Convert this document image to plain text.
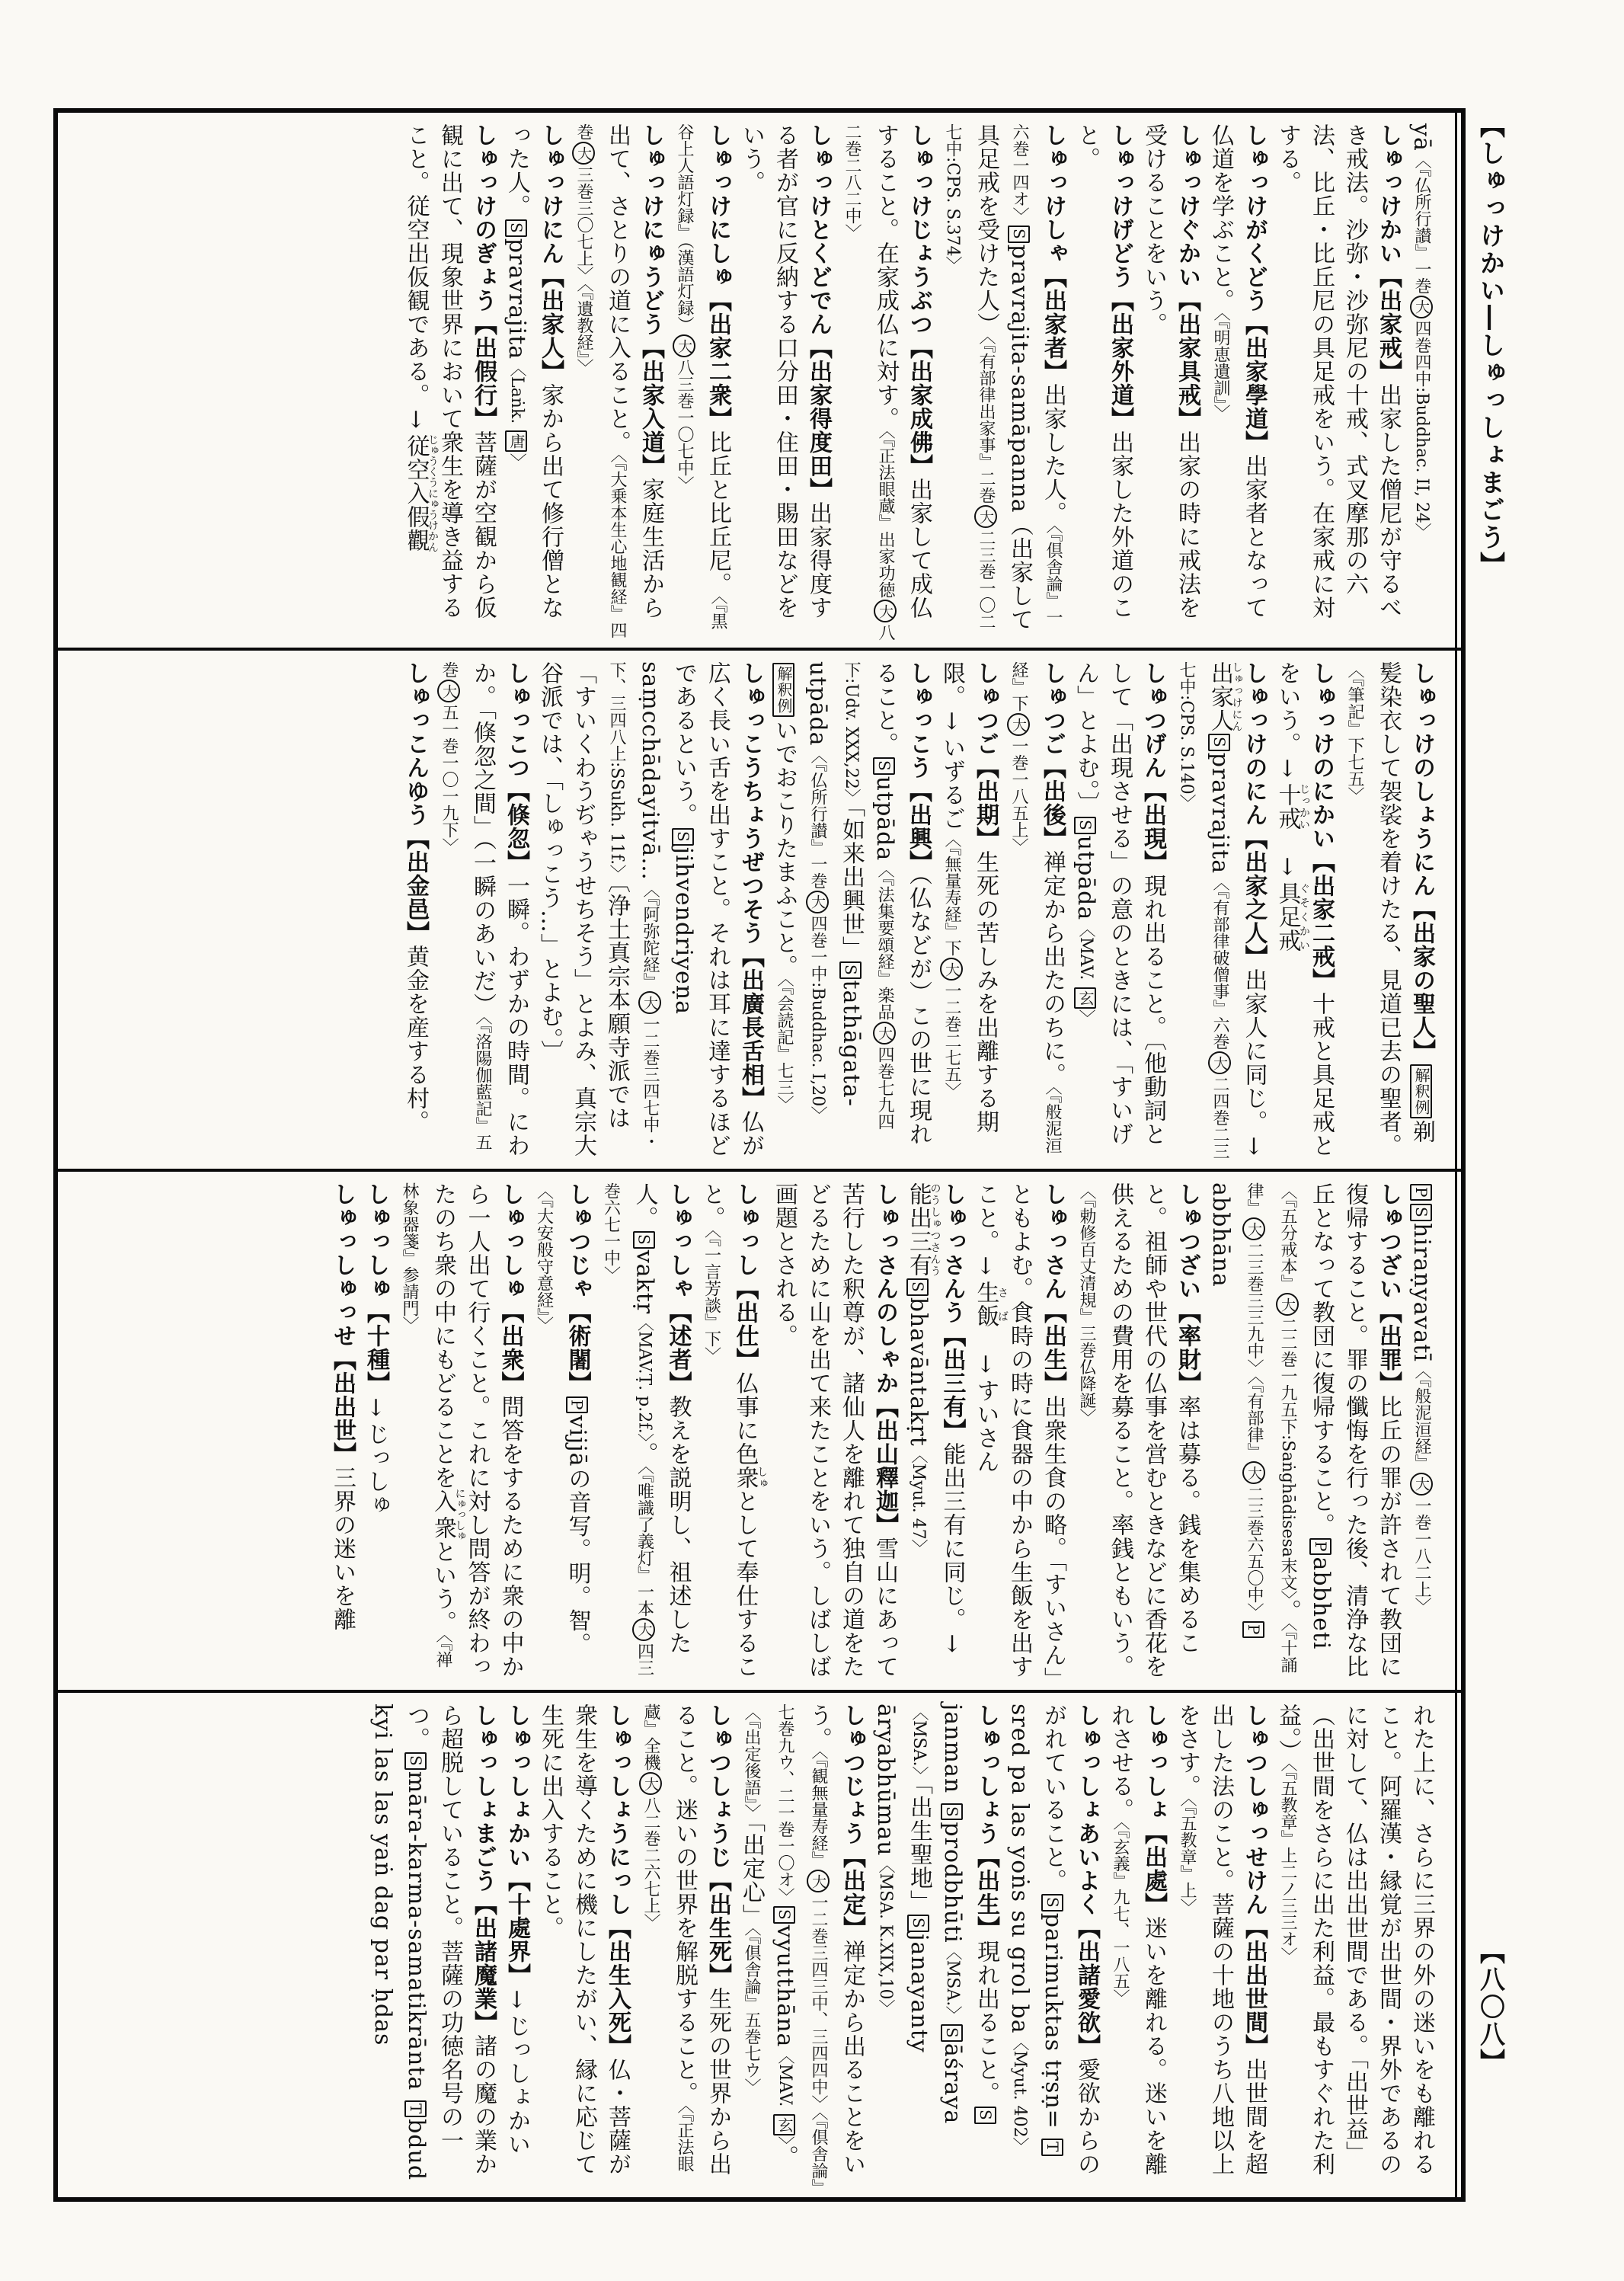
【しゅっけかい―しゅっしょまごう】
yā〈『仏所行讃』一巻大四巻四中:Buddhac. II, 24〉
しゅっけかい【出家戒】出家した僧尼が守るべき戒法。沙弥・沙弥尼の十戒、式叉摩那の六法、比丘・比丘尼の具足戒をいう。在家戒に対する。
しゅっけがくどう【出家學道】出家者となって仏道を学ぶこと。〈『明恵遺訓』〉
しゅっけぐかい【出家具戒】出家の時に戒法を受けることをいう。
しゅっけげどう【出家外道】出家した外道のこと。
しゅっけしゃ【出家者】出家した人。〈『倶舎論』一六巻一四オ〉Spravrajita-samāpanna（出家して具足戒を受けた人）〈『有部律出家事』二巻大二三巻一〇二七中:CPS. S.374〉
しゅっけじょうぶつ【出家成佛】出家して成仏すること。在家成仏に対す。〈『正法眼蔵』出家功徳大八二巻二八二中〉
しゅっけとくどでん【出家得度田】出家得度する者が官に反納する口分田・住田・賜田などをいう。
しゅっけにしゅ【出家二衆】比丘と比丘尼。〈『黒谷上人語灯録』（漢語灯録）大八三巻一〇七中〉
しゅっけにゅうどう【出家入道】家庭生活から出て、さとりの道に入ること。〈『大乗本生心地観経』四巻大三巻三〇七上〉〈『遺教経』〉
しゅっけにん【出家人】家から出て修行僧となった人。Spravrajita〈Laṅk. 唐〉
しゅっけのぎょう【出假行】菩薩が空観から仮観に出て、現象世界において衆生を導き益すること。従空出仮観である。↓従空入假觀じゅうくうにゅうけかん
しゅっけのしょうにん【出家の聖人】解釈例剃髪染衣して袈裟を着けたる、見道已去の聖者。〈『筆記』下七五〉
しゅっけのにかい【出家二戒】十戒と具足戒とをいう。↓十戒じっかい　↓具足戒ぐそくかい
しゅっけのにん【出家之人】出家人に同じ。↓出家人しゅっけにんSpravrajita〈『有部律破僧事』六巻大二四巻二三七中:CPS. S.140〉
しゅつげん【出現】現れ出ること。〔他動詞として「出現させる」の意のときには、「すいげん」とよむ。〕Sutpāda〈MAV. 玄〉
しゅつご【出後】禅定から出たのちに。〈『般泥洹経』下大一巻一八五上〉
しゅつご【出期】生死の苦しみを出離する期限。↓いずるご〈『無量寿経』下大一二巻二七五〉
しゅっこう【出興】（仏などが）この世に現れること。Sutpāda〈『法集要頌経』楽品大四巻七九四下:Udv. XXX,22〉「如来出興世」Stathāgata-utpāda〈『仏所行讃』一巻大四巻一中:Buddhac. I,20〉解釈例いでおこりたまふこと。〈『会読記』七三〉
しゅっこうちょうぜつそう【出廣長舌相】仏が広く長い舌を出すこと。それは耳に達するほどであるという。Sjihvendriyeṇa saṃcchādayitvā…〈『阿弥陀経』大一二巻三四七中・下、三四八上:SSukh. 11f.〉〔浄土真宗本願寺派では「すいくわうぢゃうせちそう」とよみ、真宗大谷派では、「しゅっこう…」とよむ。〕
しゅっこつ【倏忽】一瞬。わずかの時間。にわか。「倏忽之間」（一瞬のあいだ）〈『洛陽伽藍記』五巻大五一巻一〇一九下〉
しゅっこんゆう【出金邑】黄金を産する村。
PShiraṇyavatī〈『般泥洹経』大一巻一八二上〉
しゅつざい【出罪】比丘の罪が許されて教団に復帰すること。罪の懺悔を行った後、清浄な比丘となって教団に復帰すること。Pabbheti〈『五分戒本』大二二巻一九五下:Saṅghādisesa末文〉。〈『十誦律』大二三巻三三九中〉〈『有部律』大二三巻六五〇中〉Pabbhāna
しゅつざい【率財】率は募る。銭を集めること。祖師や世代の仏事を営むときなどに香花を供えるための費用を募ること。率銭ともいう。〈『勅修百丈清規』三巻仏降誕〉
しゅっさん【出生】出衆生食の略。「すいさん」ともよむ。食時の時に食器の中から生飯を出すこと。↓生飯さば　↓すいさん
しゅっさんう【出三有】能出三有に同じ。↓能出三有のうしゅつさんうSbhavāntakṛt〈Myut. 47〉
しゅっさんのしゃか【出山釋迦】雪山にあって苦行した釈尊が、諸仙人を離れて独自の道をたどるために山を出て来たことをいう。しばしば画題とされる。
しゅっし【出仕】仏事に色衆しゅとして奉仕すること。〈『一言芳談』下〉
しゅっしゃ【述者】教えを説明し、祖述した人。Svaktṛ〈MAV.Ṭ. p.2f.〉。〈『唯識了義灯』一本大四三巻六七一中〉
しゅつじゃ【術闍】Pvijjāの音写。明。智。〈『大安般守意経』〉
しゅっしゅ【出衆】問答をするために衆の中から一人出て行くこと。これに対し問答が終わったのち衆の中にもどることを入衆にゅっしゅという。〈『禅林象器箋』参請門〉
しゅっしゅ【十種】↓じっしゅ
しゅっしゅっせ【出出世】三界の迷いを離
れた上に、さらに三界の外の迷いをも離れること。阿羅漢・縁覚が出世間・界外であるのに対して、仏は出出世間である。「出世益」（出世間をさらに出た利益。最もすぐれた利益。）〈『五教章』上二ノ三三オ〉
しゅつしゅっせけん【出出世間】出世間を超出した法のこと。菩薩の十地のうち八地以上をさす。〈『五教章』上〉
しゅっしょ【出處】迷いを離れる。迷いを離れさせる。〈『玄義』九七、一八五〉
しゅっしょあいよく【出諸愛欲】愛欲からのがれていること。Sparimuktas tṛṣṇ= Tsred pa las yoṅs su grol ba〈Myut. 402〉
しゅっしょう【出生】現れ出ること。Sjanman Sprodbhūti〈MSA.〉Sāśraya〈MSA.〉「出生聖地」Sjanayanty āryabhūmau〈MSA. K.XIX,10〉
しゅつじょう【出定】禅定から出ることをいう。〈『観無量寿経』大一二巻三四三中、三四四中〉〈『倶舎論』七巻九ウ、二一巻一〇オ〉Svyutthāna〈MAV. 玄〉。〈『出定後語』〉「出定心」〈『倶舎論』五巻七ウ〉
しゅつしょうじ【出生死】生死の世界から出ること。迷いの世界を解脱すること。〈『正法眼蔵』全機大八二巻二六七上〉
しゅっしょうにっし【出生入死】仏・菩薩が衆生を導くために機にしたがい、縁に応じて生死に出入すること。
しゅっしょかい【十處界】↓じっしょかい
しゅっしょまごう【出諸魔業】諸の魔の業から超脱していること。菩薩の功徳名号の一つ。Smāra-karma-samatikrānta Tbdud kyi las las yaṅ dag par ḥdas	【八〇八】
